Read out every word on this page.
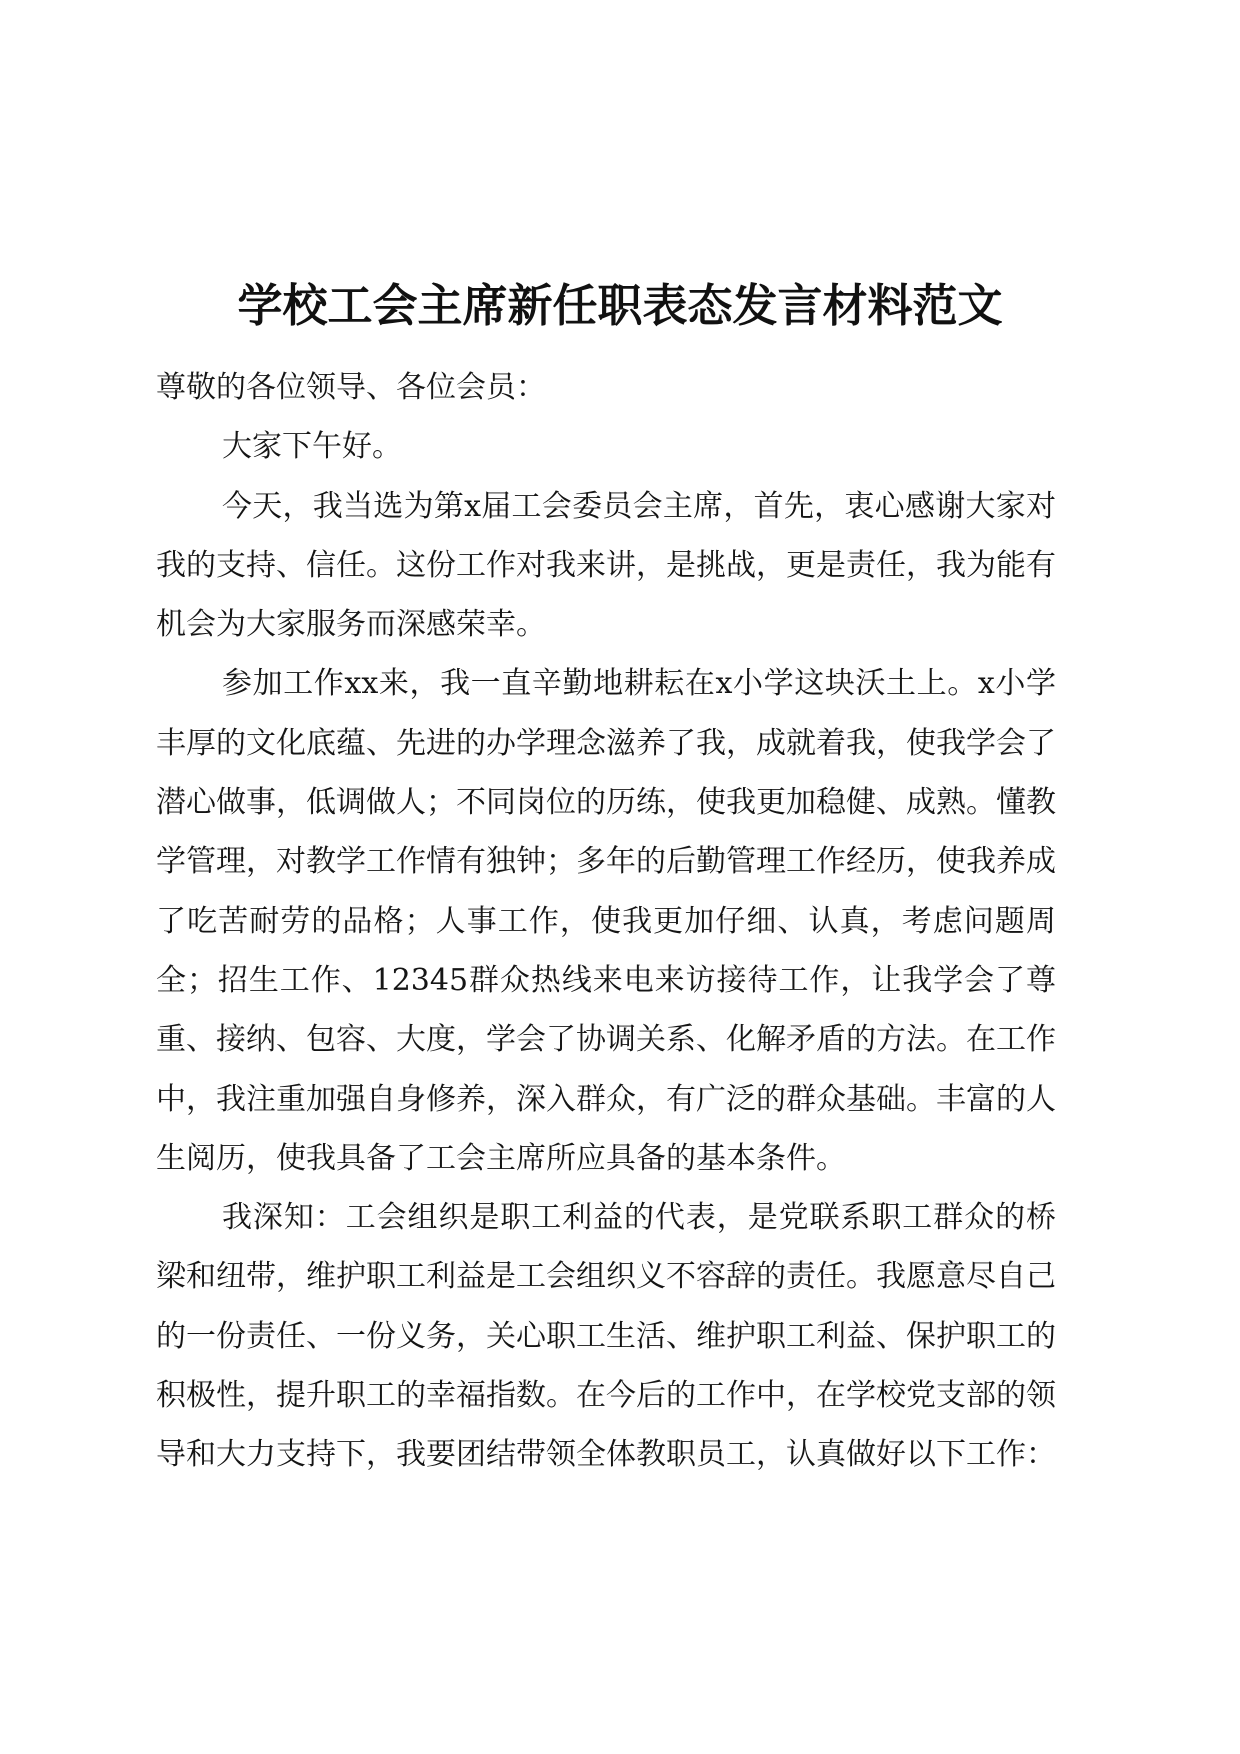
学校工会主席新任职表态发言材料范文

尊敬的各位领导、各位会员：

大家下午好。

今天，我当选为第x届工会委员会主席，首先，衷心感谢大家对我的支持、信任。这份工作对我来讲，是挑战，更是责任，我为能有机会为大家服务而深感荣幸。

参加工作xx来，我一直辛勤地耕耘在x小学这块沃土上。x小学丰厚的文化底蕴、先进的办学理念滋养了我，成就着我，使我学会了潜心做事，低调做人；不同岗位的历练，使我更加稳健、成熟。懂教学管理，对教学工作情有独钟；多年的后勤管理工作经历，使我养成了吃苦耐劳的品格；人事工作，使我更加仔细、认真，考虑问题周全；招生工作、12345群众热线来电来访接待工作，让我学会了尊重、接纳、包容、大度，学会了协调关系、化解矛盾的方法。在工作中，我注重加强自身修养，深入群众，有广泛的群众基础。丰富的人生阅历，使我具备了工会主席所应具备的基本条件。

我深知：工会组织是职工利益的代表，是党联系职工群众的桥梁和纽带，维护职工利益是工会组织义不容辞的责任。我愿意尽自己的一份责任、一份义务，关心职工生活、维护职工利益、保护职工的积极性，提升职工的幸福指数。在今后的工作中，在学校党支部的领导和大力支持下，我要团结带领全体教职员工，认真做好以下工作：
